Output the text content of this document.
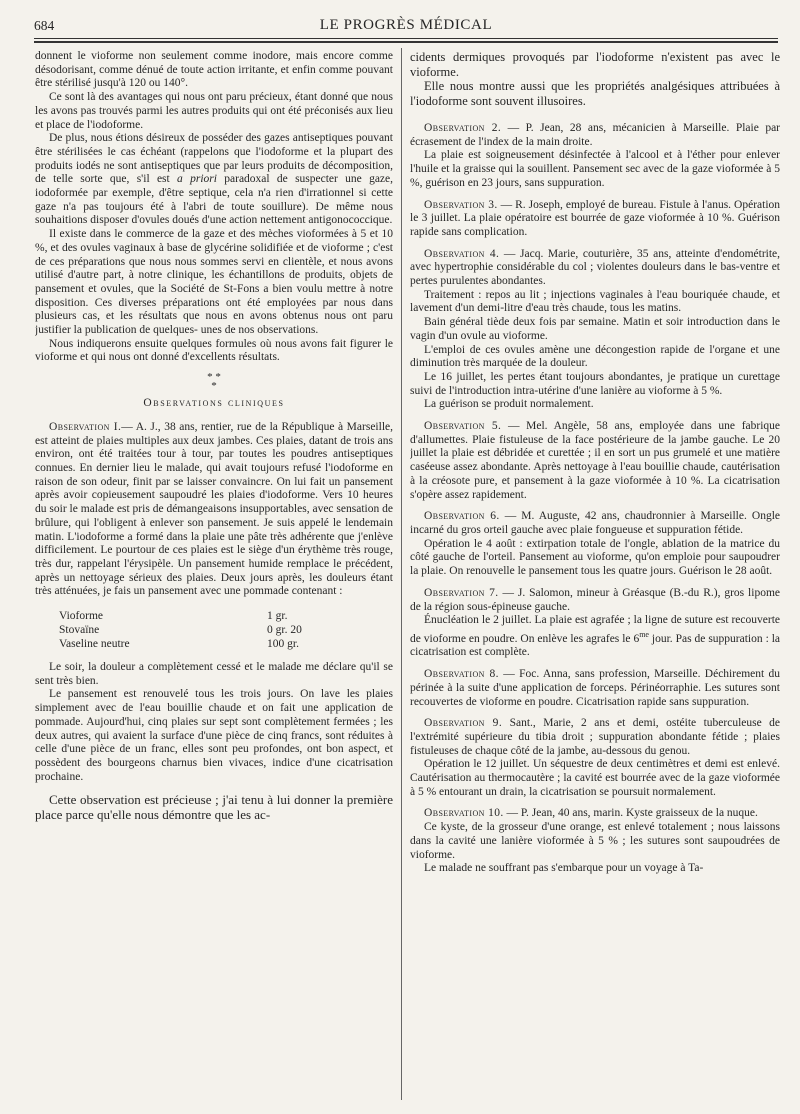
684	LE PROGRÈS MÉDICAL

donnent le vioforme non seulement comme inodore, mais encore comme désodorisant, comme dénué de toute action irritante, et enfin comme pouvant être stérilisé jusqu'à 120 ou 140°.

Ce sont là des avantages qui nous ont paru précieux, étant donné que nous les avons pas trouvés parmi les autres produits qui ont été préconisés aux lieu et place de l'iodoforme.

De plus, nous étions désireux de posséder des gazes antiseptiques pouvant être stérilisées le cas échéant (rappelons que l'iodoforme et la plupart des produits iodés ne sont antiseptiques que par leurs produits de décomposition, de telle sorte que, s'il est a priori paradoxal de suspecter une gaze, iodoformée par exemple, d'être septique, cela n'a rien d'irrationnel si cette gaze n'a pas toujours été à l'abri de toute souillure). De même nous souhaitions disposer d'ovules doués d'une action nettement antigonococcique.

Il existe dans le commerce de la gaze et des mèches vioformées à 5 et 10 %, et des ovules vaginaux à base de glycérine solidifiée et de vioforme ; c'est de ces préparations que nous nous sommes servi en clientèle, et nous avons utilisé d'autre part, à notre clinique, les échantillons de produits, objets de pansement et ovules, que la Société de St-Fons a bien voulu mettre à notre disposition. Ces diverses préparations ont été employées par nous dans plusieurs cas, et les résultats que nous en avons obtenus nous ont paru justifier la publication de quelques- unes de nos observations.

Nous indiquerons ensuite quelques formules où nous avons fait figurer le vioforme et qui nous ont donné d'excellents résultats.

* *
*
Observations cliniques

Observation I.— A. J., 38 ans, rentier, rue de la République à Marseille, est atteint de plaies multiples aux deux jambes. Ces plaies, datant de trois ans environ, ont été traitées tour à tour, par toutes les poudres antiseptiques connues. En dernier lieu le malade, qui avait toujours refusé l'iodoforme en raison de son odeur, finit par se laisser convaincre. On lui fait un pansement après avoir copieusement saupoudré les plaies d'iodoforme. Vers 10 heures du soir le malade est pris de démangeaisons insupportables, avec sensation de brûlure, qui l'obligent à enlever son pansement. Je suis appelé le lendemain matin. L'iodoforme a formé dans la plaie une pâte très adhérente que j'enlève difficilement. Le pourtour de ces plaies est le siège d'un érythème très rouge, très dur, rappelant l'érysipèle. Un pansement humide remplace le précédent, après un nettoyage sérieux des plaies. Deux jours après, les douleurs étant très atténuées, je fais un pansement avec une pommade contenant :

Vioforme	1 gr.
Stovaïne	0 gr. 20
Vaseline neutre	100 gr.

Le soir, la douleur a complètement cessé et le malade me déclare qu'il se sent très bien.

Le pansement est renouvelé tous les trois jours. On lave les plaies simplement avec de l'eau bouillie chaude et on fait une application de pommade. Aujourd'hui, cinq plaies sur sept sont complètement fermées ; les deux autres, qui avaient la surface d'une pièce de cinq francs, sont réduites à celle d'une pièce de un franc, elles sont peu profondes, ont bon aspect, et possèdent des bourgeons charnus bien vivaces, indice d'une cicatrisation prochaine.

Cette observation est précieuse ; j'ai tenu à lui donner la première place parce qu'elle nous démontre que les ac-

cidents dermiques provoqués par l'iodoforme n'existent pas avec le vioforme.

Elle nous montre aussi que les propriétés analgésiques attribuées à l'iodoforme sont souvent illusoires.

Observation 2. — P. Jean, 28 ans, mécanicien à Marseille. Plaie par écrasement de l'index de la main droite.

La plaie est soigneusement désinfectée à l'alcool et à l'éther pour enlever l'huile et la graisse qui la souillent. Pansement sec avec de la gaze vioformée à 5 %, guérison en 23 jours, sans suppuration.

Observation 3. — R. Joseph, employé de bureau. Fistule à l'anus. Opération le 3 juillet. La plaie opératoire est bourrée de gaze vioformée à 10 %. Guérison rapide sans complication.

Observation 4. — Jacq. Marie, couturière, 35 ans, atteinte d'endométrite, avec hypertrophie considérable du col ; violentes douleurs dans le bas-ventre et pertes purulentes abondantes.

Traitement : repos au lit ; injections vaginales à l'eau bouriquée chaude, et lavement d'un demi-litre d'eau très chaude, tous les matins.

Bain général tiède deux fois par semaine. Matin et soir introduction dans le vagin d'un ovule au vioforme.

L'emploi de ces ovules amène une décongestion rapide de l'organe et une diminution très marquée de la douleur.

Le 16 juillet, les pertes étant toujours abondantes, je pratique un curettage suivi de l'introduction intra-utérine d'une lanière au vioforme à 5 %.

La guérison se produit normalement.

Observation 5. — Mel. Angèle, 58 ans, employée dans une fabrique d'allumettes. Plaie fistuleuse de la face postérieure de la jambe gauche. Le 20 juillet la plaie est débridée et curettée ; il en sort un pus grumelé et une matière caséeuse assez abondante. Après nettoyage à l'eau bouillie chaude, cautérisation à la créosote pure, et pansement à la gaze vioformée à 10 %. La cicatrisation s'opère assez rapidement.

Observation 6. — M. Auguste, 42 ans, chaudronnier à Marseille. Ongle incarné du gros orteil gauche avec plaie fongueuse et suppuration fétide.

Opération le 4 août : extirpation totale de l'ongle, ablation de la matrice du côté gauche de l'orteil. Pansement au vioforme, qu'on emploie pour saupoudrer la plaie. On renouvelle le pansement tous les quatre jours. Guérison le 28 août.

Observation 7. — J. Salomon, mineur à Gréasque (B.-du R.), gros lipome de la région sous-épineuse gauche.

Énucléation le 2 juillet. La plaie est agrafée ; la ligne de suture est recouverte de vioforme en poudre. On enlève les agrafes le $6^{me}$ jour. Pas de suppuration : la cicatrisation est complète.

Observation 8. — Foc. Anna, sans profession, Marseille. Déchirement du périnée à la suite d'une application de forceps. Périnéorraphie. Les sutures sont recouvertes de vioforme en poudre. Cicatrisation rapide sans suppuration.

Observation 9. Sant., Marie, 2 ans et demi, ostéite tuberculeuse de l'extrémité supérieure du tibia droit ; suppuration abondante fétide ; plaies fistuleuses de chaque côté de la jambe, au-dessous du genou.

Opération le 12 juillet. Un séquestre de deux centimètres et demi est enlevé. Cautérisation au thermocautère ; la cavité est bourrée avec de la gaze vioformée à 5 % entourant un drain, la cicatrisation se poursuit normalement.

Observation 10. — P. Jean, 40 ans, marin. Kyste graisseux de la nuque.

Ce kyste, de la grosseur d'une orange, est enlevé totalement ; nous laissons dans la cavité une lanière vioformée à 5 % ; les sutures sont saupoudrées de vioforme.

Le malade ne souffrant pas s'embarque pour un voyage à Ta-
